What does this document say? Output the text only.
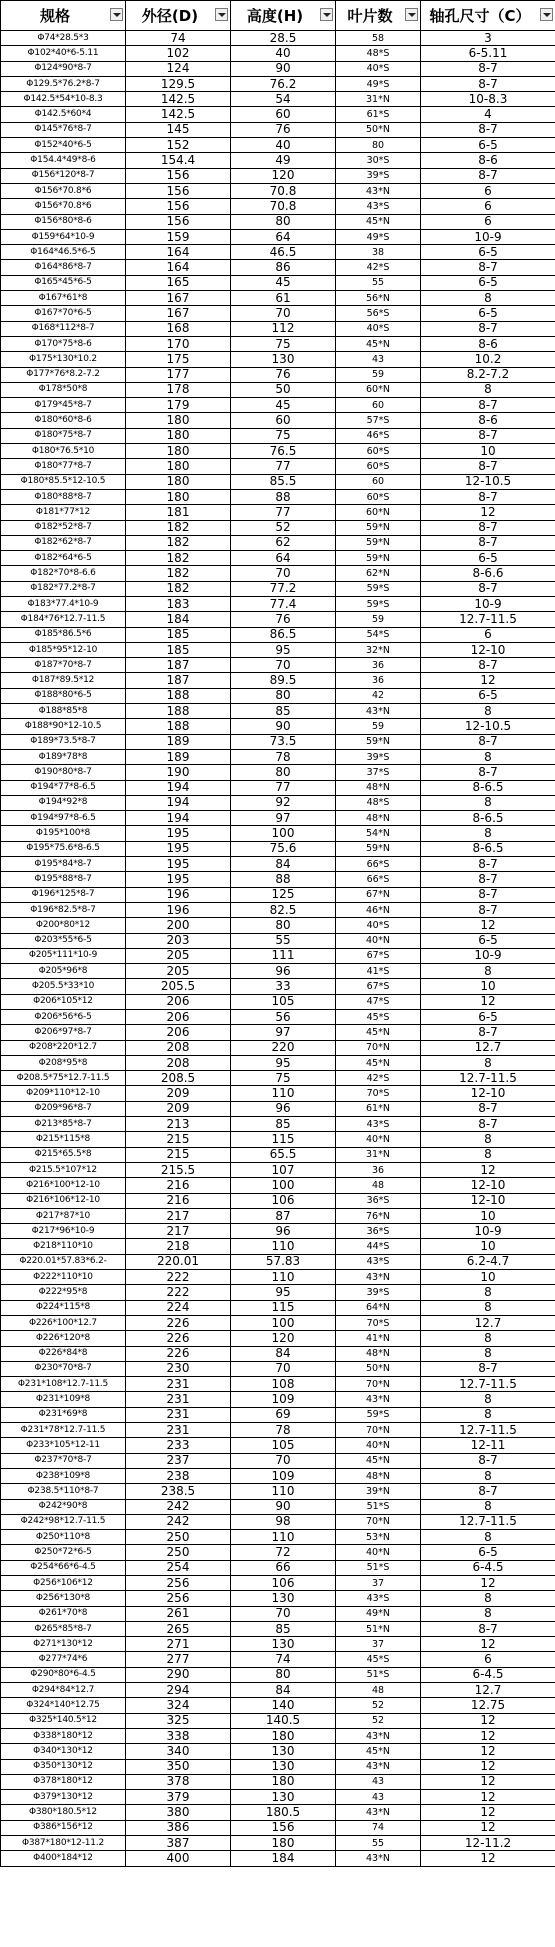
规格	外径(D)	高度(H)	叶片数	轴孔尺寸（C）

Φ74*28.5*3	74	28.5	58	3
Φ102*40*6-5.11	102	40	48*S	6-5.11
Φ124*90*8-7	124	90	40*S	8-7
Φ129.5*76.2*8-7	129.5	76.2	49*S	8-7
Φ142.5*54*10-8.3	142.5	54	31*N	10-8.3
Φ142.5*60*4	142.5	60	61*S	4
Φ145*76*8-7	145	76	50*N	8-7
Φ152*40*6-5	152	40	80	6-5
Φ154.4*49*8-6	154.4	49	30*S	8-6
Φ156*120*8-7	156	120	39*S	8-7
Φ156*70.8*6	156	70.8	43*N	6
Φ156*70.8*6	156	70.8	43*S	6
Φ156*80*8-6	156	80	45*N	6
Φ159*64*10-9	159	64	49*S	10-9
Φ164*46.5*6-5	164	46.5	38	6-5
Φ164*86*8-7	164	86	42*S	8-7
Φ165*45*6-5	165	45	55	6-5
Φ167*61*8	167	61	56*N	8
Φ167*70*6-5	167	70	56*S	6-5
Φ168*112*8-7	168	112	40*S	8-7
Φ170*75*8-6	170	75	45*N	8-6
Φ175*130*10.2	175	130	43	10.2
Φ177*76*8.2-7.2	177	76	59	8.2-7.2
Φ178*50*8	178	50	60*N	8
Φ179*45*8-7	179	45	60	8-7
Φ180*60*8-6	180	60	57*S	8-6
Φ180*75*8-7	180	75	46*S	8-7
Φ180*76.5*10	180	76.5	60*S	10
Φ180*77*8-7	180	77	60*S	8-7
Φ180*85.5*12-10.5	180	85.5	60	12-10.5
Φ180*88*8-7	180	88	60*S	8-7
Φ181*77*12	181	77	60*N	12
Φ182*52*8-7	182	52	59*N	8-7
Φ182*62*8-7	182	62	59*N	8-7
Φ182*64*6-5	182	64	59*N	6-5
Φ182*70*8-6.6	182	70	62*N	8-6.6
Φ182*77.2*8-7	182	77.2	59*S	8-7
Φ183*77.4*10-9	183	77.4	59*S	10-9
Φ184*76*12.7-11.5	184	76	59	12.7-11.5
Φ185*86.5*6	185	86.5	54*S	6
Φ185*95*12-10	185	95	32*N	12-10
Φ187*70*8-7	187	70	36	8-7
Φ187*89.5*12	187	89.5	36	12
Φ188*80*6-5	188	80	42	6-5
Φ188*85*8	188	85	43*N	8
Φ188*90*12-10.5	188	90	59	12-10.5
Φ189*73.5*8-7	189	73.5	59*N	8-7
Φ189*78*8	189	78	39*S	8
Φ190*80*8-7	190	80	37*S	8-7
Φ194*77*8-6.5	194	77	48*N	8-6.5
Φ194*92*8	194	92	48*S	8
Φ194*97*8-6.5	194	97	48*N	8-6.5
Φ195*100*8	195	100	54*N	8
Φ195*75.6*8-6.5	195	75.6	59*N	8-6.5
Φ195*84*8-7	195	84	66*S	8-7
Φ195*88*8-7	195	88	66*S	8-7
Φ196*125*8-7	196	125	67*N	8-7
Φ196*82.5*8-7	196	82.5	46*N	8-7
Φ200*80*12	200	80	40*S	12
Φ203*55*6-5	203	55	40*N	6-5
Φ205*111*10-9	205	111	67*S	10-9
Φ205*96*8	205	96	41*S	8
Φ205.5*33*10	205.5	33	67*S	10
Φ206*105*12	206	105	47*S	12
Φ206*56*6-5	206	56	45*S	6-5
Φ206*97*8-7	206	97	45*N	8-7
Φ208*220*12.7	208	220	70*N	12.7
Φ208*95*8	208	95	45*N	8
Φ208.5*75*12.7-11.5	208.5	75	42*S	12.7-11.5
Φ209*110*12-10	209	110	70*S	12-10
Φ209*96*8-7	209	96	61*N	8-7
Φ213*85*8-7	213	85	43*S	8-7
Φ215*115*8	215	115	40*N	8
Φ215*65.5*8	215	65.5	31*N	8
Φ215.5*107*12	215.5	107	36	12
Φ216*100*12-10	216	100	48	12-10
Φ216*106*12-10	216	106	36*S	12-10
Φ217*87*10	217	87	76*N	10
Φ217*96*10-9	217	96	36*S	10-9
Φ218*110*10	218	110	44*S	10
Φ220.01*57.83*6.2-	220.01	57.83	43*S	6.2-4.7
Φ222*110*10	222	110	43*N	10
Φ222*95*8	222	95	39*S	8
Φ224*115*8	224	115	64*N	8
Φ226*100*12.7	226	100	70*S	12.7
Φ226*120*8	226	120	41*N	8
Φ226*84*8	226	84	48*N	8
Φ230*70*8-7	230	70	50*N	8-7
Φ231*108*12.7-11.5	231	108	70*N	12.7-11.5
Φ231*109*8	231	109	43*N	8
Φ231*69*8	231	69	59*S	8
Φ231*78*12.7-11.5	231	78	70*N	12.7-11.5
Φ233*105*12-11	233	105	40*N	12-11
Φ237*70*8-7	237	70	45*N	8-7
Φ238*109*8	238	109	48*N	8
Φ238.5*110*8-7	238.5	110	39*N	8-7
Φ242*90*8	242	90	51*S	8
Φ242*98*12.7-11.5	242	98	70*N	12.7-11.5
Φ250*110*8	250	110	53*N	8
Φ250*72*6-5	250	72	40*N	6-5
Φ254*66*6-4.5	254	66	51*S	6-4.5
Φ256*106*12	256	106	37	12
Φ256*130*8	256	130	43*S	8
Φ261*70*8	261	70	49*N	8
Φ265*85*8-7	265	85	51*N	8-7
Φ271*130*12	271	130	37	12
Φ277*74*6	277	74	45*S	6
Φ290*80*6-4.5	290	80	51*S	6-4.5
Φ294*84*12.7	294	84	48	12.7
Φ324*140*12.75	324	140	52	12.75
Φ325*140.5*12	325	140.5	52	12
Φ338*180*12	338	180	43*N	12
Φ340*130*12	340	130	45*N	12
Φ350*130*12	350	130	43*N	12
Φ378*180*12	378	180	43	12
Φ379*130*12	379	130	43	12
Φ380*180.5*12	380	180.5	43*N	12
Φ386*156*12	386	156	74	12
Φ387*180*12-11.2	387	180	55	12-11.2
Φ400*184*12	400	184	43*N	12
